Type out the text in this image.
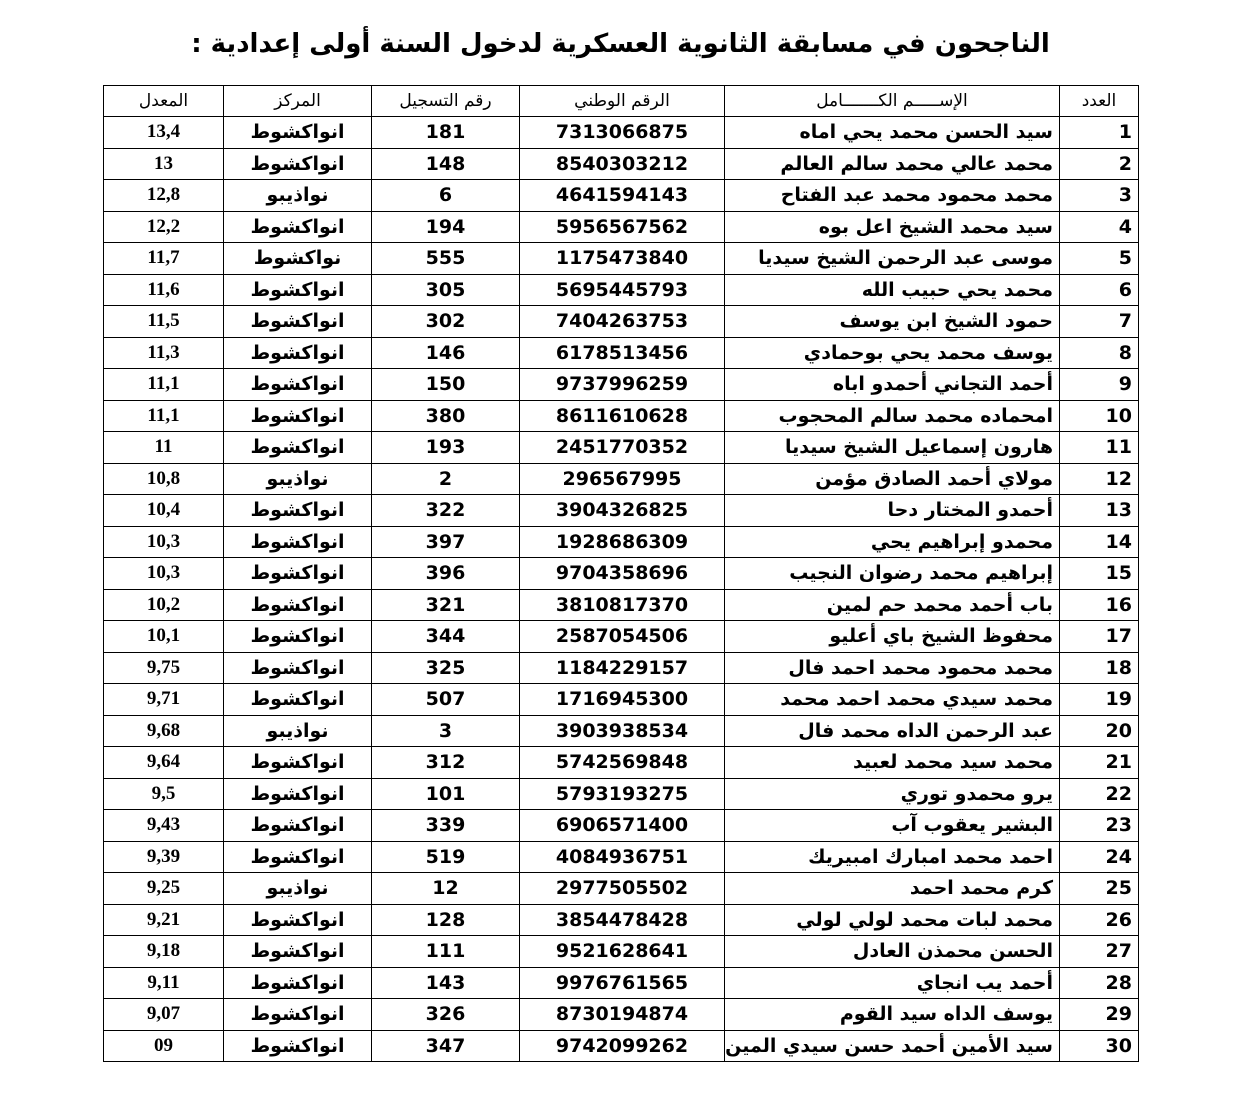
الناجحون في مسابقة الثانوية العسكرية لدخول السنة أولى إعدادية :
العدد	الإســـــم الكـــــــامل	الرقم الوطني	رقم التسجيل	المركز	المعدل
1	سيد الحسن محمد يحي اماه	7313066875	181	انواكشوط	13,4
2	محمد عالي محمد سالم العالم	8540303212	148	انواكشوط	13
3	محمد محمود محمد عبد الفتاح	4641594143	6	نواذيبو	12,8
4	سيد محمد الشيخ اعل بوه	5956567562	194	انواكشوط	12,2
5	موسى عبد الرحمن الشيخ سيديا	1175473840	555	نواكشوط	11,7
6	محمد يحي حبيب الله	5695445793	305	انواكشوط	11,6
7	حمود الشيخ ابن يوسف	7404263753	302	انواكشوط	11,5
8	يوسف محمد يحي بوحمادي	6178513456	146	انواكشوط	11,3
9	أحمد التجاني أحمدو اباه	9737996259	150	انواكشوط	11,1
10	امحماده محمد سالم المحجوب	8611610628	380	انواكشوط	11,1
11	هارون إسماعيل الشيخ سيديا	2451770352	193	انواكشوط	11
12	مولاي أحمد الصادق مؤمن	296567995	2	نواذيبو	10,8
13	أحمدو المختار دحا	3904326825	322	انواكشوط	10,4
14	محمدو إبراهيم يحي	1928686309	397	انواكشوط	10,3
15	إبراهيم محمد رضوان النجيب	9704358696	396	انواكشوط	10,3
16	باب أحمد محمد حم لمين	3810817370	321	انواكشوط	10,2
17	محفوظ الشيخ باي أعليو	2587054506	344	انواكشوط	10,1
18	محمد محمود محمد احمد فال	1184229157	325	انواكشوط	9,75
19	محمد سيدي محمد احمد محمد	1716945300	507	انواكشوط	9,71
20	عبد الرحمن الداه محمد فال	3903938534	3	نواذيبو	9,68
21	محمد سيد محمد لعبيد	5742569848	312	انواكشوط	9,64
22	يرو محمدو توري	5793193275	101	انواكشوط	9,5
23	البشير يعقوب آب	6906571400	339	انواكشوط	9,43
24	احمد محمد امبارك امبيريك	4084936751	519	انواكشوط	9,39
25	كرم محمد احمد	2977505502	12	نواذيبو	9,25
26	محمد لبات محمد لولي لولي	3854478428	128	انواكشوط	9,21
27	الحسن محمذن العادل	9521628641	111	انواكشوط	9,18
28	أحمد يب انجاي	9976761565	143	انواكشوط	9,11
29	يوسف الداه سيد القوم	8730194874	326	انواكشوط	9,07
30	سيد الأمين أحمد حسن سيدي المين	9742099262	347	انواكشوط	09
